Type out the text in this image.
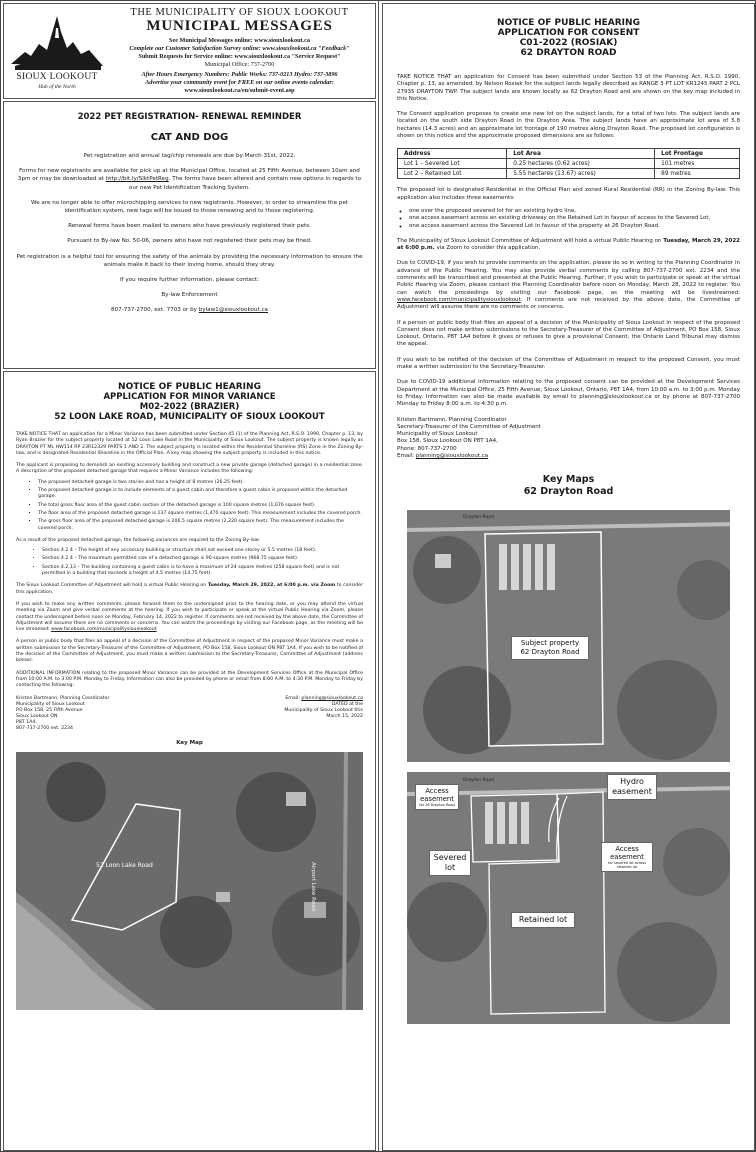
SIOUX LOOKOUT
Hub of the North
THE MUNICIPALITY OF SIOUX LOOKOUT
MUNICIPAL MESSAGES
See Municipal Messages online: www.siouxlookout.ca
Complete our Customer Satisfaction Survey online: www.siouxlookout.ca "Feedback"
Submit Requests for Service online: www.siouxlookout.ca "Service Request"
Municipal Office: 737-2700
After Hours Emergency Numbers: Public Works: 737-0213 Hydro: 737-3896
Advertise your community event for FREE on our online events calendar:
www.siouxlookout.ca/en/submit-event.asp
2022 PET REGISTRATION- RENEWAL REMINDER
CAT AND DOG

Pet registration and annual tag/chip renewals are due by March 31st, 2022.

Forms for new registrants are available for pick up at the Municipal Office, located at 25 Fifth Avenue, between 10am and 3pm or may be downloaded at http://bit.ly/SlktPetReg. The forms have been altered and contain new options in regards to our new Pet Identification Tracking System.

We are no longer able to offer microchipping services to new registrants. However, in order to streamline the pet identification system, new tags will be issued to those renewing and to those registering.

Renewal forms have been mailed to owners who have previously registered their pets.

Pursuant to By-law No. 50-06, owners who have not registered their pets may be fined.

Pet registration is a helpful tool for ensuring the safety of the animals by providing the necessary information to ensure the animals make it back to their loving home, should they stray.

If you require further information, please contact:

By-law Enforcement

807-737-2700, ext. 7703 or by bylaw1@siouxlookout.ca

NOTICE OF PUBLIC HEARING
APPLICATION FOR MINOR VARIANCE
M02-2022 (BRAZIER)
52 LOON LAKE ROAD, MUNICIPALITY OF SIOUX LOOKOUT

TAKE NOTICE THAT an application for a Minor Variance has been submitted under Section 45 (1) of the Planning Act, R.S.O. 1990, Chapter p. 13, by Ryan Brazier for the subject property located at 52 Loon Lake Road in the Municipality of Sioux Lookout. The subject property is known legally as DRAYTON PT ML HW114 RP 23R12329 PARTS 1 AND 2. The subject property is located within the Residential Shoreline (RS) Zone in the Zoning By-law, and is designated Residential Shoreline in the Official Plan. A key map showing the subject property is included in this notice.

The applicant is proposing to demolish an existing accessory building and construct a new private garage (detached garage) in a residential zone. A description of the proposed detached garage that requires a Minor Variance includes the following:

▪ The proposed detached garage is two stories and has a height of 8 metres (26.25 feet).
▪ The proposed detached garage is to include elements of a guest cabin and therefore a guest cabin is proposed within the detached garage.
▪ The total gross floor area of the guest cabin section of the detached garage is 100 square metres (1,076 square feet).
▪ The floor area of the proposed detached garage is 137 square metres (1,470 square feet). This measurement includes the covered porch.
▪ The gross floor area of the proposed detached garage is 206.5 square metres (2,220 square feet). This measurement includes the covered porch.

As a result of the proposed detached garage, the following variances are required to the Zoning By-law:

• Section 4.2.4 – The height of any accessory building or structure shall not exceed one storey or 5.5 metres (18 feet).
• Section 4.2.4 – The maximum permitted size of a detached garage is 90 square metres (968.75 square feet).
• Section 4.2.13 – The building containing a guest cabin is to have a maximum of 24 square metres (258 square feet) and is not permitted in a building that exceeds a height of 4.5 metres (14.75 feet).

The Sioux Lookout Committee of Adjustment will hold a virtual Public Hearing on Tuesday, March 29, 2022, at 6:00 p.m. via Zoom to consider this application.

If you wish to make any written comments, please forward them to the undersigned prior to the hearing date, or you may attend the virtual meeting via Zoom and give verbal comments at the hearing. If you wish to participate or speak at the virtual Public Hearing via Zoom, please contact the undersigned before noon on Monday, February 14, 2022 to register. If comments are not received by the above date, the Committee of Adjustment will assume there are no comments or concerns. You can watch the proceedings by visiting our Facebook page, as the meeting will be live streamed: www.facebook.com/municipalitysiouxlookout

A person or public body that files an appeal of a decision of the Committee of Adjustment in respect of the proposed Minor Variance must make a written submission to the Secretary-Treasurer of the Committee of Adjustment, PO Box 158, Sioux Lookout ON P8T 1A4. If you wish to be notified of the decision of the Committee of Adjustment, you must make a written submission to the Secretary-Treasurer, Committee of Adjustment (address below).

ADDITIONAL INFORMATION relating to the proposed Minor Variance can be provided at the Development Services Office at the Municipal Office from 10:00 A.M. to 3:00 P.M. Monday to Friday. Information can also be provided by phone or email from 8:00 A.M. to 4:30 P.M. Monday to Friday by contacting the following:

Kristen Bartmann, Planning Coordinator
Municipality of Sioux Lookout
PO Box 158, 25 Fifth Avenue
Sioux Lookout ON
P8T 1A4,
807-737-2700 ext. 2234
Email: planning@siouxlookout.ca
DATED at the
Municipality of Sioux Lookout this
March 15, 2022
Key Map
52 Loon Lake Road	Airport Lake Road
NOTICE OF PUBLIC HEARING
APPLICATION FOR CONSENT
C01-2022 (ROSIAK)
62 DRAYTON ROAD

TAKE NOTICE THAT an application for Consent has been submitted under Section 53 of the Planning Act, R.S.O. 1990, Chapter p. 13, as amended, by Nelson Rosiak for the subject lands legally described as RANGE 3 PT LOT KR1245 PART 2 PCL 27935 DRAYTON TWP. The subject lands are known locally as 62 Drayton Road and are shown on the key map included in this Notice.

The Consent application proposes to create one new lot on the subject lands, for a total of two lots. The subject lands are located on the south side Drayton Road in the Drayton Area. The subject lands have an approximate lot area of 5.8 hectares (14.3 acres) and an approximate lot frontage of 190 metres along Drayton Road. The proposed lot configuration is shown on this notice and the approximate proposed dimensions are as follows:

Address	Lot Area	Lot Frontage
Lot 1 – Severed Lot	0.25 hectares (0.62 acres)	101 metres
Lot 2 – Retained Lot	5.55 hectares (13.67) acres)	89 metres

The proposed lot is designated Residential in the Official Plan and zoned Rural Residential (RR) in the Zoning By-law. This application also includes three easements:

◦ one over the proposed severed lot for an existing hydro line,
◦ one access easement across an existing driveway on the Retained Lot in favour of access to the Severed Lot,
◦ one access easement across the Severed Lot in favour of the property at 26 Drayton Road.

The Municipality of Sioux Lookout Committee of Adjustment will hold a virtual Public Hearing on Tuesday, March 29, 2022 at 6:00 p.m. via Zoom to consider this application.

Due to COVID-19, if you wish to provide comments on the application, please do so in writing to the Planning Coordinator in advance of the Public Hearing. You may also provide verbal comments by calling 807-737-2700 ext. 2234 and the comments will be transcribed and presented at the Public Hearing. Further, if you wish to participate or speak at the virtual Public Hearing via Zoom, please contact the Planning Coordinator before noon on Monday, March 28, 2022 to register. You can watch the proceedings by visiting our Facebook page, as the meeting will be livestreamed: www.facebook.com/municipalitysiouxlookout. If comments are not received by the above date, the Committee of Adjustment will assume there are no comments or concerns.

If a person or public body that files an appeal of a decision of the Municipality of Sioux Lookout in respect of the proposed Consent does not make written submissions to the Secretary-Treasurer of the Committee of Adjustment, PO Box 158, Sioux Lookout, Ontario, P8T 1A4 before it gives or refuses to give a provisional Consent, the Ontario Land Tribunal may dismiss the appeal.

If you wish to be notified of the decision of the Committee of Adjustment in respect to the proposed Consent, you must make a written submission to the Secretary-Treasurer.

Due to COVID-19 additional information relating to the proposed consent can be provided at the Development Services Department at the Municipal Office, 25 Fifth Avenue, Sioux Lookout, Ontario, P8T 1A4, from 10:00 a.m. to 3:00 p.m. Monday to Friday. Information can also be made available by email to planning@siouxlookout.ca or by phone at 807-737-2700 Monday to Friday 8:00 a.m. to 4:30 p.m.

Kristen Bartmann, Planning Coordinator
Secretary-Treasurer of the Committee of Adjustment
Municipality of Sioux Lookout
Box 158, Sioux Lookout ON P8T 1A4,
Phone: 807-737-2700
Email: planning@siouxlookout.ca
Key Maps
62 Drayton Road
Drayton Road
Subject property
62 Drayton Road
Drayton Road
Access easement
for 26 Drayton Road
Hydro easement
Severed lot
Access easement
for severed lot across retained lot
Retained lot
